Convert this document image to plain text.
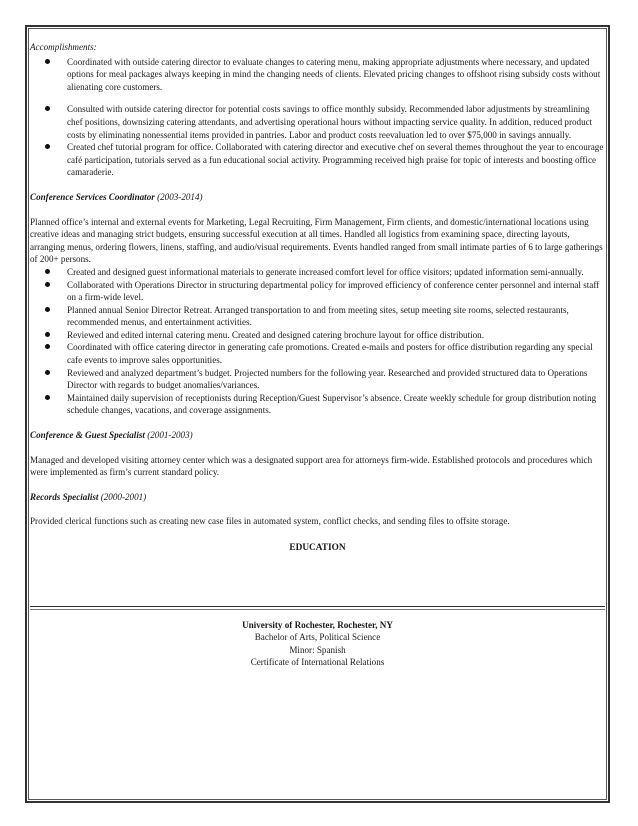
Accomplishments:
Coordinated with outside catering director to evaluate changes to catering menu, making appropriate adjustments where necessary, and updated options for meal packages always keeping in mind the changing needs of clients. Elevated pricing changes to offshoot rising subsidy costs without alienating core customers.
Consulted with outside catering director for potential costs savings to office monthly subsidy. Recommended labor adjustments by streamlining chef positions, downsizing catering attendants, and advertising operational hours without impacting service quality. In addition, reduced product costs by eliminating nonessential items provided in pantries. Labor and product costs reevaluation led to over $75,000 in savings annually.
Created chef tutorial program for office. Collaborated with catering director and executive chef on several themes throughout the year to encourage café participation, tutorials served as a fun educational social activity. Programming received high praise for topic of interests and boosting office camaraderie.
Conference Services Coordinator (2003-2014)
Planned office’s internal and external events for Marketing, Legal Recruiting, Firm Management, Firm clients, and domestic/international locations using creative ideas and managing strict budgets, ensuring successful execution at all times. Handled all logistics from examining space, directing layouts, arranging menus, ordering flowers, linens, staffing, and audio/visual requirements. Events handled ranged from small intimate parties of 6 to large gatherings of 200+ persons.
Created and designed guest informational materials to generate increased comfort level for office visitors; updated information semi-annually.
Collaborated with Operations Director in structuring departmental policy for improved efficiency of conference center personnel and internal staff on a firm-wide level.
Planned annual Senior Director Retreat. Arranged transportation to and from meeting sites, setup meeting site rooms, selected restaurants, recommended menus, and entertainment activities.
Reviewed and edited internal catering menu. Created and designed catering brochure layout for office distribution.
Coordinated with office catering director in generating cafe promotions. Created e-mails and posters for office distribution regarding any special cafe events to improve sales opportunities.
Reviewed and analyzed department’s budget. Projected numbers for the following year. Researched and provided structured data to Operations Director with regards to budget anomalies/variances.
Maintained daily supervision of receptionists during Reception/Guest Supervisor’s absence. Create weekly schedule for group distribution noting schedule changes, vacations, and coverage assignments.
Conference & Guest Specialist (2001-2003)
Managed and developed visiting attorney center which was a designated support area for attorneys firm-wide. Established protocols and procedures which were implemented as firm’s current standard policy.
Records Specialist (2000-2001)
Provided clerical functions such as creating new case files in automated system, conflict checks, and sending files to offsite storage.
EDUCATION
University of Rochester, Rochester, NY
Bachelor of Arts, Political Science
Minor: Spanish
Certificate of International Relations
